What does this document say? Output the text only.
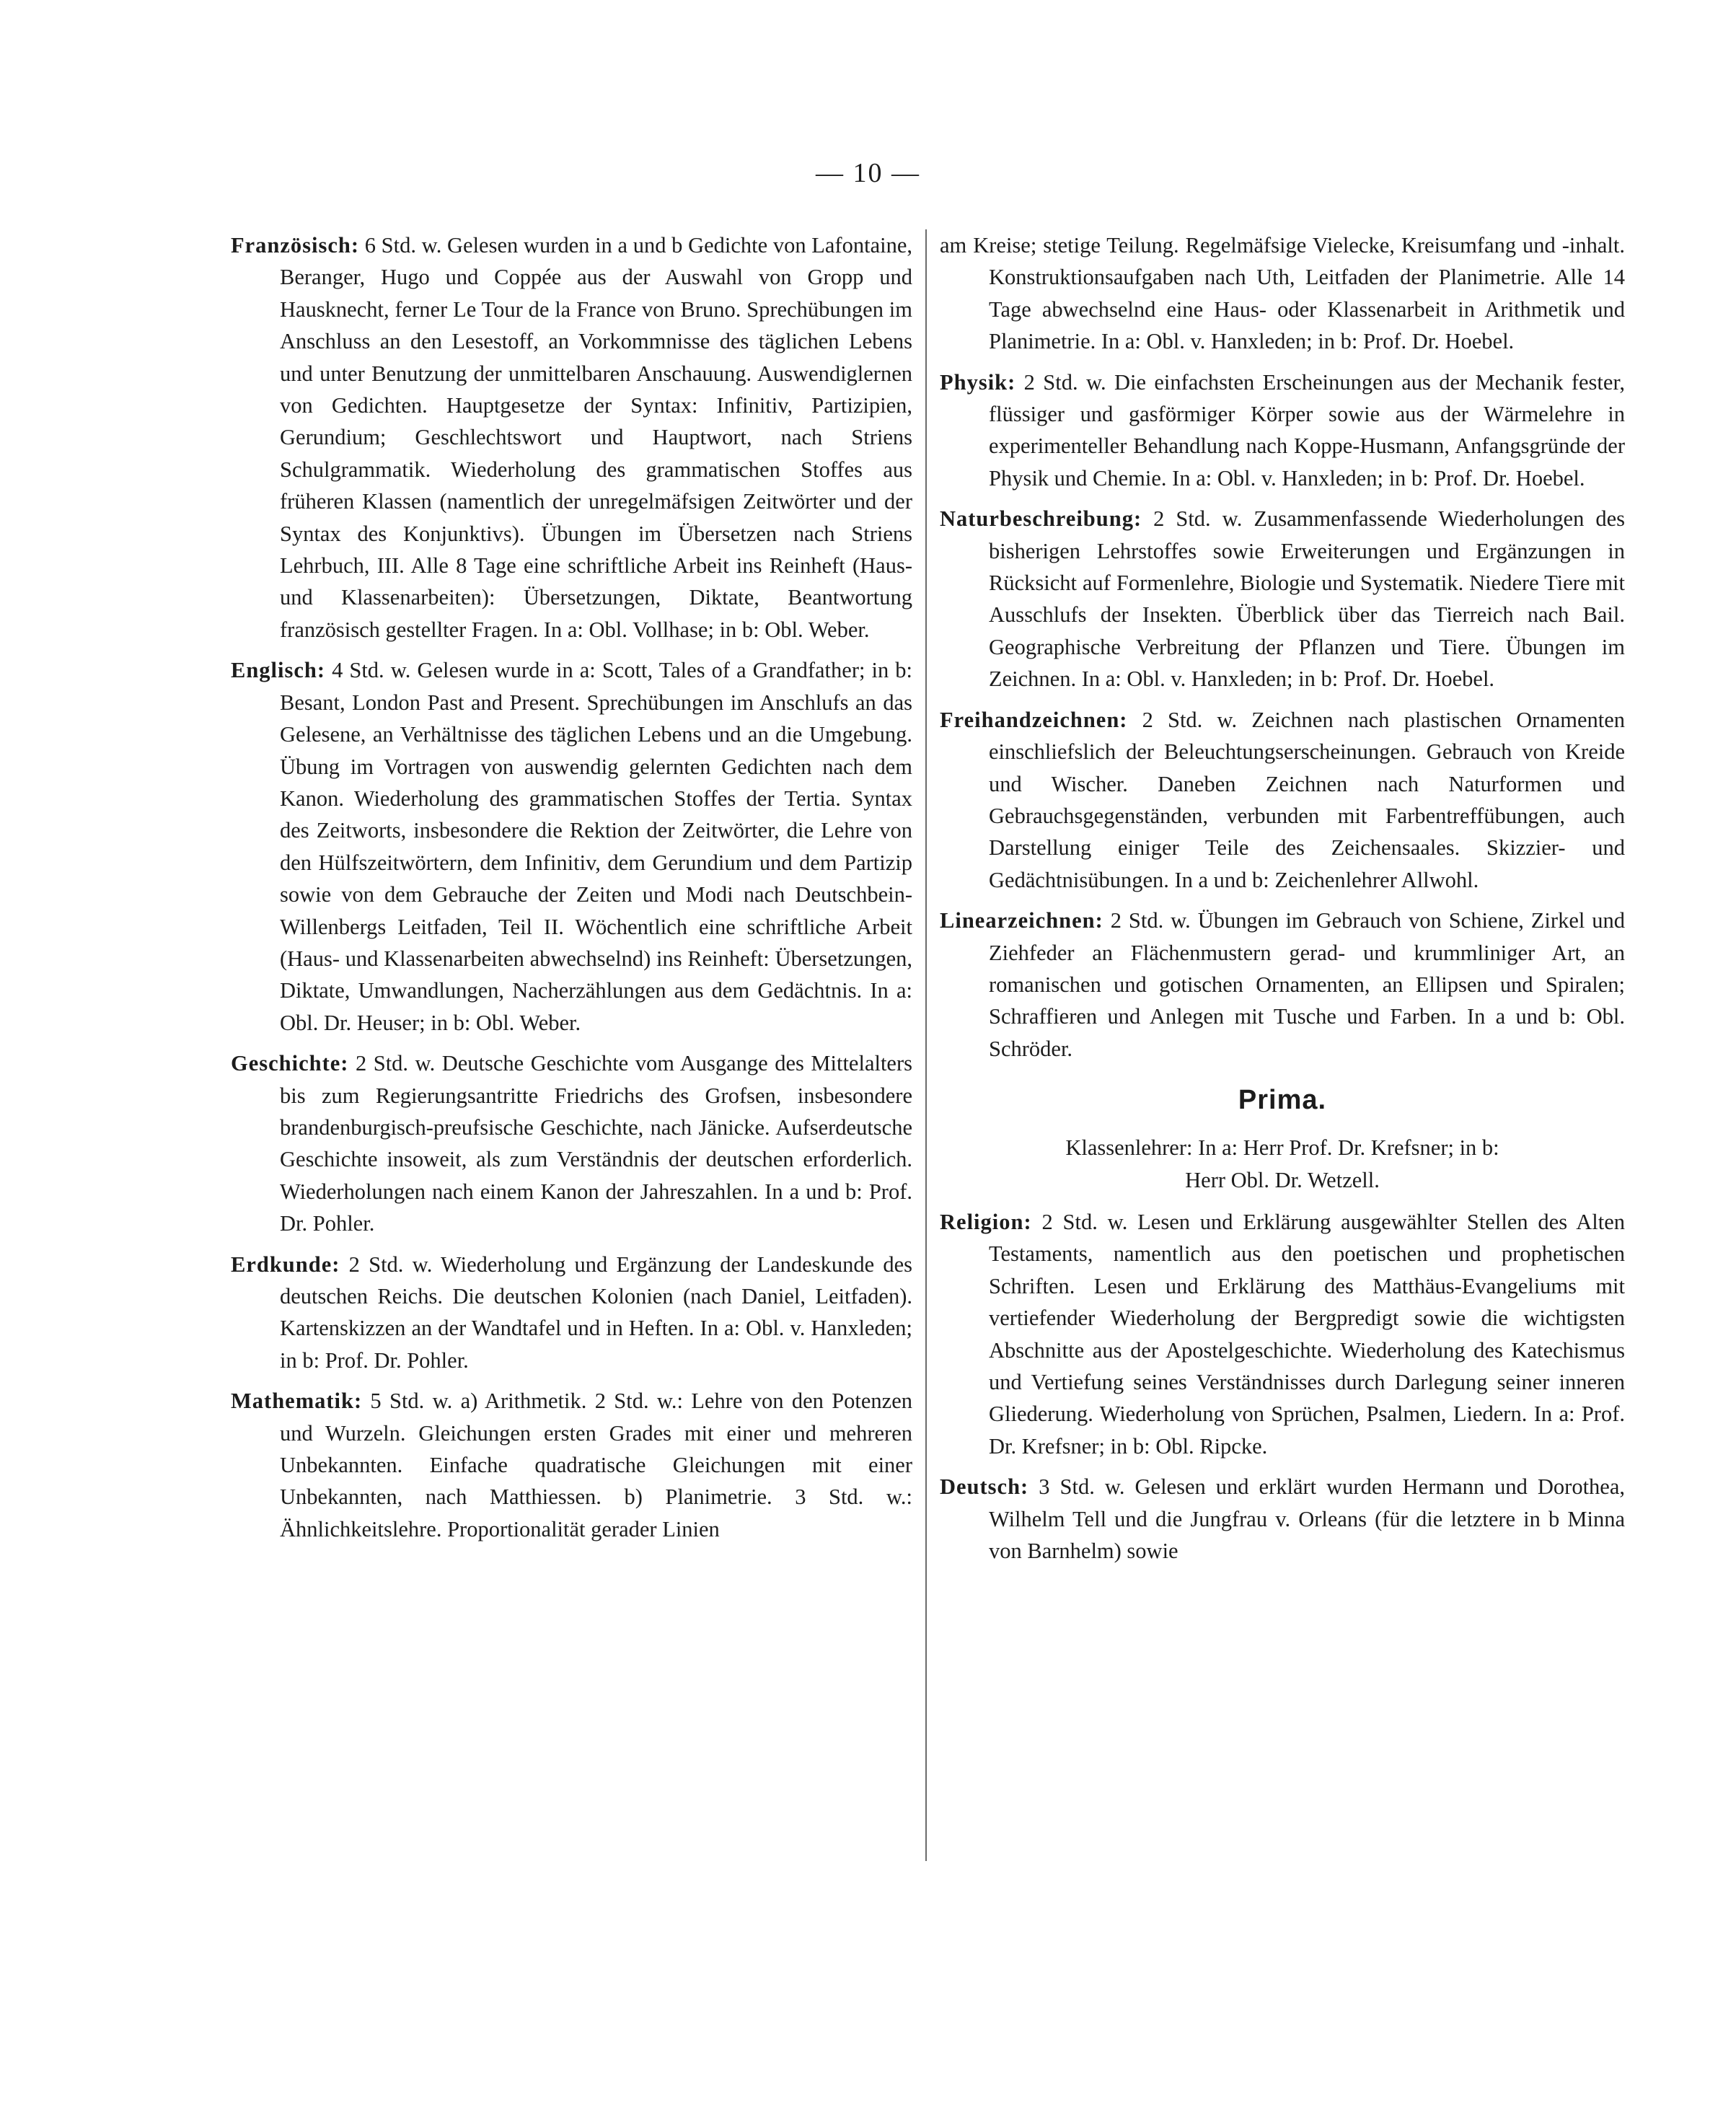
— 10 —

Französisch: 6 Std. w. Gelesen wurden in a und b Gedichte von Lafontaine, Beranger, Hugo und Coppée aus der Auswahl von Gropp und Hausknecht, ferner Le Tour de la France von Bruno. Sprechübungen im Anschluss an den Lesestoff, an Vorkommnisse des täglichen Lebens und unter Benutzung der unmittelbaren Anschauung. Auswendiglernen von Gedichten. Hauptgesetze der Syntax: Infinitiv, Partizipien, Gerundium; Geschlechtswort und Hauptwort, nach Striens Schulgrammatik. Wiederholung des grammatischen Stoffes aus früheren Klassen (namentlich der unregelmäfsigen Zeitwörter und der Syntax des Konjunktivs). Übungen im Übersetzen nach Striens Lehrbuch, III. Alle 8 Tage eine schriftliche Arbeit ins Reinheft (Haus- und Klassenarbeiten): Übersetzungen, Diktate, Beantwortung französisch gestellter Fragen. In a: Obl. Vollhase; in b: Obl. Weber.

Englisch: 4 Std. w. Gelesen wurde in a: Scott, Tales of a Grandfather; in b: Besant, London Past and Present. Sprechübungen im Anschlufs an das Gelesene, an Verhältnisse des täglichen Lebens und an die Umgebung. Übung im Vortragen von auswendig gelernten Gedichten nach dem Kanon. Wiederholung des grammatischen Stoffes der Tertia. Syntax des Zeitworts, insbesondere die Rektion der Zeitwörter, die Lehre von den Hülfszeitwörtern, dem Infinitiv, dem Gerundium und dem Partizip sowie von dem Gebrauche der Zeiten und Modi nach Deutschbein-Willenbergs Leitfaden, Teil II. Wöchentlich eine schriftliche Arbeit (Haus- und Klassenarbeiten abwechselnd) ins Reinheft: Übersetzungen, Diktate, Umwandlungen, Nacherzählungen aus dem Gedächtnis. In a: Obl. Dr. Heuser; in b: Obl. Weber.

Geschichte: 2 Std. w. Deutsche Geschichte vom Ausgange des Mittelalters bis zum Regierungsantritte Friedrichs des Grofsen, insbesondere brandenburgisch-preufsische Geschichte, nach Jänicke. Aufserdeutsche Geschichte insoweit, als zum Verständnis der deutschen erforderlich. Wiederholungen nach einem Kanon der Jahreszahlen. In a und b: Prof. Dr. Pohler.

Erdkunde: 2 Std. w. Wiederholung und Ergänzung der Landeskunde des deutschen Reichs. Die deutschen Kolonien (nach Daniel, Leitfaden). Kartenskizzen an der Wandtafel und in Heften. In a: Obl. v. Hanxleden; in b: Prof. Dr. Pohler.

Mathematik: 5 Std. w. a) Arithmetik. 2 Std. w.: Lehre von den Potenzen und Wurzeln. Gleichungen ersten Grades mit einer und mehreren Unbekannten. Einfache quadratische Gleichungen mit einer Unbekannten, nach Matthiessen. b) Planimetrie. 3 Std. w.: Ähnlichkeitslehre. Proportionalität gerader Linien

am Kreise; stetige Teilung. Regelmäfsige Vielecke, Kreisumfang und -inhalt. Konstruktionsaufgaben nach Uth, Leitfaden der Planimetrie. Alle 14 Tage abwechselnd eine Haus- oder Klassenarbeit in Arithmetik und Planimetrie. In a: Obl. v. Hanxleden; in b: Prof. Dr. Hoebel.

Physik: 2 Std. w. Die einfachsten Erscheinungen aus der Mechanik fester, flüssiger und gasförmiger Körper sowie aus der Wärmelehre in experimenteller Behandlung nach Koppe-Husmann, Anfangsgründe der Physik und Chemie. In a: Obl. v. Hanxleden; in b: Prof. Dr. Hoebel.

Naturbeschreibung: 2 Std. w. Zusammenfassende Wiederholungen des bisherigen Lehrstoffes sowie Erweiterungen und Ergänzungen in Rücksicht auf Formenlehre, Biologie und Systematik. Niedere Tiere mit Ausschlufs der Insekten. Überblick über das Tierreich nach Bail. Geographische Verbreitung der Pflanzen und Tiere. Übungen im Zeichnen. In a: Obl. v. Hanxleden; in b: Prof. Dr. Hoebel.

Freihandzeichnen: 2 Std. w. Zeichnen nach plastischen Ornamenten einschliefslich der Beleuchtungserscheinungen. Gebrauch von Kreide und Wischer. Daneben Zeichnen nach Naturformen und Gebrauchsgegenständen, verbunden mit Farbentreffübungen, auch Darstellung einiger Teile des Zeichensaales. Skizzier- und Gedächtnisübungen. In a und b: Zeichenlehrer Allwohl.

Linearzeichnen: 2 Std. w. Übungen im Gebrauch von Schiene, Zirkel und Ziehfeder an Flächenmustern gerad- und krummliniger Art, an romanischen und gotischen Ornamenten, an Ellipsen und Spiralen; Schraffieren und Anlegen mit Tusche und Farben. In a und b: Obl. Schröder.

Prima.
Klassenlehrer: In a: Herr Prof. Dr. Krefsner; in b:
Herr Obl. Dr. Wetzell.

Religion: 2 Std. w. Lesen und Erklärung ausgewählter Stellen des Alten Testaments, namentlich aus den poetischen und prophetischen Schriften. Lesen und Erklärung des Matthäus-Evangeliums mit vertiefender Wiederholung der Bergpredigt sowie die wichtigsten Abschnitte aus der Apostelgeschichte. Wiederholung des Katechismus und Vertiefung seines Verständnisses durch Darlegung seiner inneren Gliederung. Wiederholung von Sprüchen, Psalmen, Liedern. In a: Prof. Dr. Krefsner; in b: Obl. Ripcke.

Deutsch: 3 Std. w. Gelesen und erklärt wurden Hermann und Dorothea, Wilhelm Tell und die Jungfrau v. Orleans (für die letztere in b Minna von Barnhelm) sowie
